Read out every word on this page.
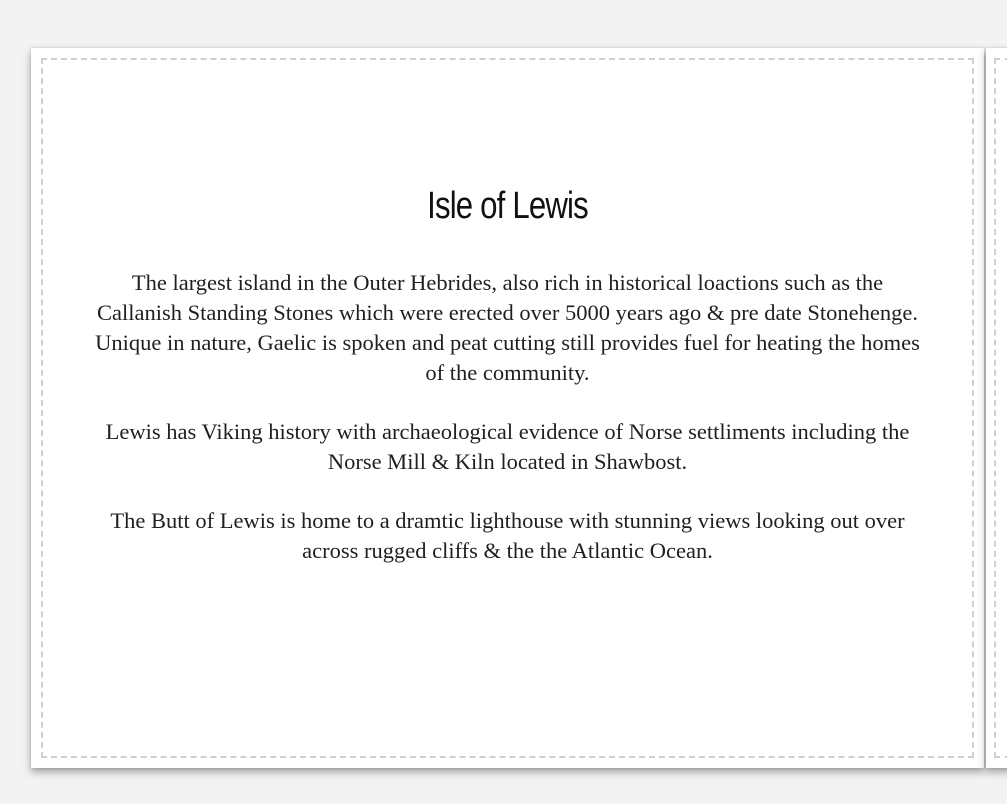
Isle of Lewis

The largest island in the Outer Hebrides, also rich in historical loactions such as the Callanish Standing Stones which were erected over 5000 years ago & pre date Stonehenge. Unique in nature, Gaelic is spoken and peat cutting still provides fuel for heating the homes of the community.

Lewis has Viking history with archaeological evidence of Norse settliments including the Norse Mill & Kiln located in Shawbost.

The Butt of Lewis is home to a dramtic lighthouse with stunning views looking out over across rugged cliffs & the the Atlantic Ocean.
